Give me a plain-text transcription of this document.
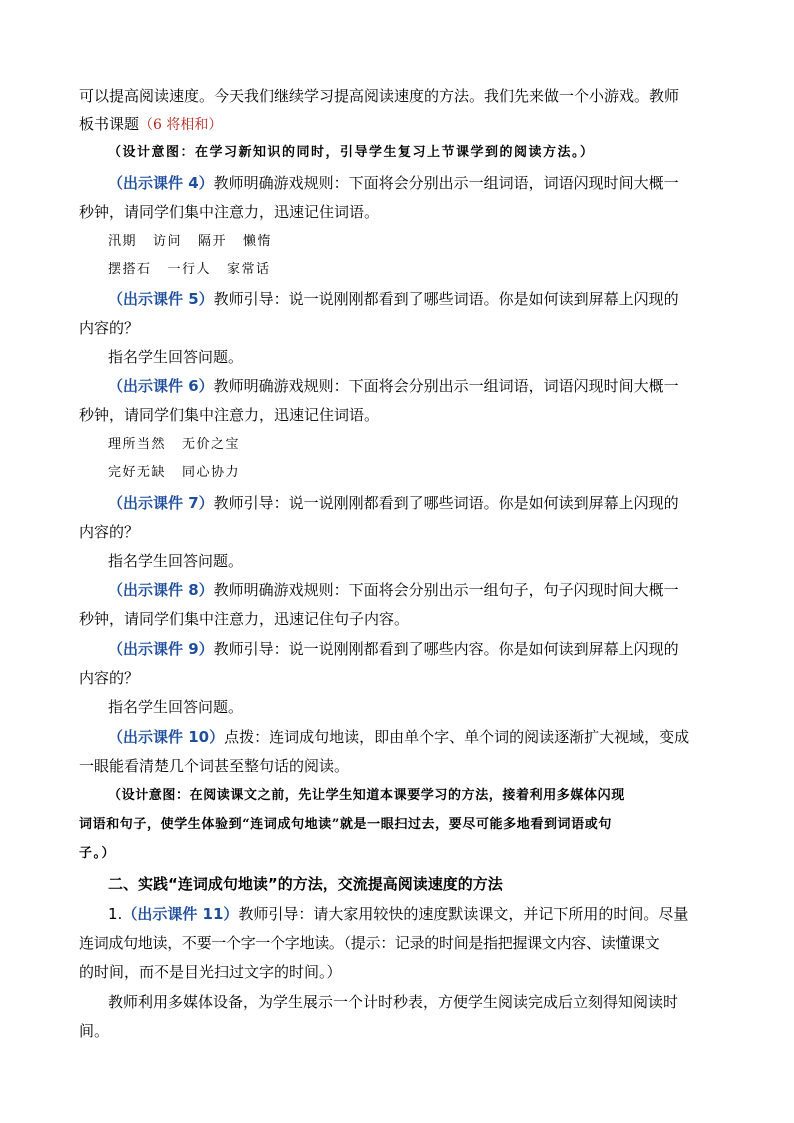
可以提高阅读速度。今天我们继续学习提高阅读速度的方法。我们先来做一个小游戏。教师
板书课题（6 将相和）
（设计意图：在学习新知识的同时，引导学生复习上节课学到的阅读方法。）
（出示课件 4）教师明确游戏规则：下面将会分别出示一组词语，词语闪现时间大概一
秒钟，请同学们集中注意力，迅速记住词语。
汛期 访问 隔开 懒惰
摆搭石 一行人 家常话
（出示课件 5）教师引导：说一说刚刚都看到了哪些词语。你是如何读到屏幕上闪现的
内容的？
指名学生回答问题。
（出示课件 6）教师明确游戏规则：下面将会分别出示一组词语，词语闪现时间大概一
秒钟，请同学们集中注意力，迅速记住词语。
理所当然 无价之宝
完好无缺 同心协力
（出示课件 7）教师引导：说一说刚刚都看到了哪些词语。你是如何读到屏幕上闪现的
内容的？
指名学生回答问题。
（出示课件 8）教师明确游戏规则：下面将会分别出示一组句子，句子闪现时间大概一
秒钟，请同学们集中注意力，迅速记住句子内容。
（出示课件 9）教师引导：说一说刚刚都看到了哪些内容。你是如何读到屏幕上闪现的
内容的？
指名学生回答问题。
（出示课件 10）点拨：连词成句地读，即由单个字、单个词的阅读逐渐扩大视域，变成
一眼能看清楚几个词甚至整句话的阅读。
（设计意图：在阅读课文之前，先让学生知道本课要学习的方法，接着利用多媒体闪现
词语和句子，使学生体验到“连词成句地读”就是一眼扫过去，要尽可能多地看到词语或句
子。）
二、实践“连词成句地读”的方法，交流提高阅读速度的方法
1.（出示课件 11）教师引导：请大家用较快的速度默读课文，并记下所用的时间。尽量
连词成句地读，不要一个字一个字地读。（提示：记录的时间是指把握课文内容、读懂课文
的时间，而不是目光扫过文字的时间。）
教师利用多媒体设备，为学生展示一个计时秒表，方便学生阅读完成后立刻得知阅读时
间。
